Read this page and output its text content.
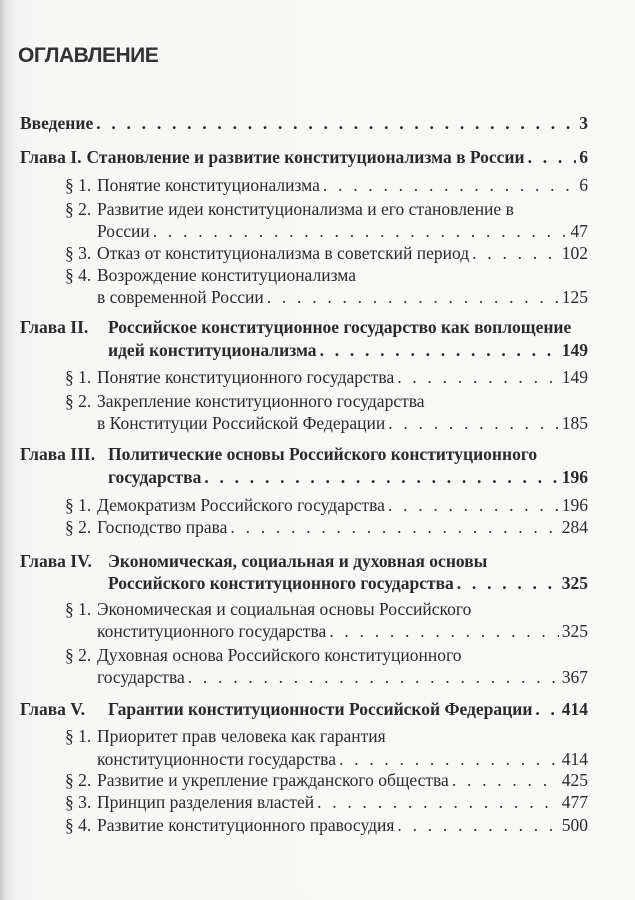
ОГЛАВЛЕНИЕ
Введение . . .	3
Глава I. Становление и развитие конституционализма в России . . .	6
§ 1. Понятие конституционализма . . .	6
§ 2. Развитие идеи конституционализма и его становление в
России . . .	47
§ 3. Отказ от конституционализма в советский период . . .	102
§ 4. Возрождение конституционализма
в современной России . . .	125
Глава II. Российское конституционное государство как воплощение
идей конституционализма . . .	149
§ 1. Понятие конституционного государства . . .	149
§ 2. Закрепление конституционного государства
в Конституции Российской Федерации . . .	185
Глава III. Политические основы Российского конституционного
государства . . .	196
§ 1. Демократизм Российского государства . . .	196
§ 2. Господство права . . .	284
Глава IV. Экономическая, социальная и духовная основы
Российского конституционного государства . . .	325
§ 1. Экономическая и социальная основы Российского
конституционного государства . . .	325
§ 2. Духовная основа Российского конституционного
государства . . .	367
Глава V. Гарантии конституционности Российской Федерации . . . 414
§ 1. Приоритет прав человека как гарантия
конституционности государства . . .	414
§ 2. Развитие и укрепление гражданского общества . . .	425
§ 3. Принцип разделения властей . . .	477
§ 4. Развитие конституционного правосудия . . .	500
